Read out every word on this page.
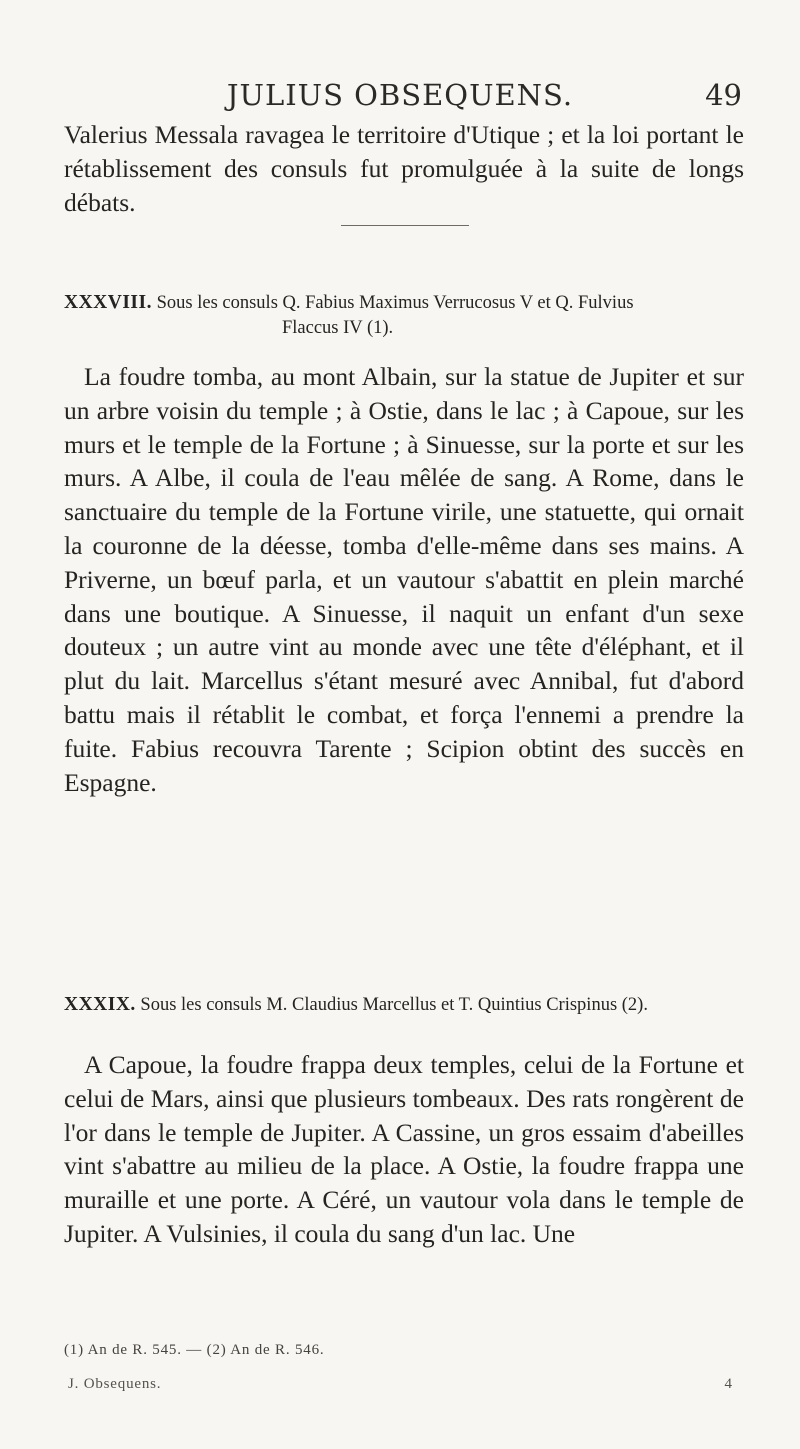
JULIUS OBSEQUENS.	49

Valerius Messala ravagea le territoire d'Utique ; et la loi portant le rétablissement des consuls fut promulguée à la suite de longs débats.

XXXVIII. Sous les consuls Q. Fabius Maximus Verrucosus V et Q. Fulvius
Flaccus IV (1).

La foudre tomba, au mont Albain, sur la statue de Jupiter et sur un arbre voisin du temple ; à Ostie, dans le lac ; à Capoue, sur les murs et le temple de la Fortune ; à Sinuesse, sur la porte et sur les murs. A Albe, il coula de l'eau mêlée de sang. A Rome, dans le sanctuaire du temple de la Fortune virile, une statuette, qui ornait la couronne de la déesse, tomba d'elle-même dans ses mains. A Priverne, un bœuf parla, et un vautour s'abattit en plein marché dans une boutique. A Sinuesse, il naquit un enfant d'un sexe douteux ; un autre vint au monde avec une tête d'éléphant, et il plut du lait. Marcellus s'étant mesuré avec Annibal, fut d'abord battu mais il rétablit le combat, et força l'ennemi a prendre la fuite. Fabius recouvra Tarente ; Scipion obtint des succès en Espagne.

XXXIX. Sous les consuls M. Claudius Marcellus et T. Quintius Crispinus (2).

A Capoue, la foudre frappa deux temples, celui de la Fortune et celui de Mars, ainsi que plusieurs tombeaux. Des rats rongèrent de l'or dans le temple de Jupiter. A Cassine, un gros essaim d'abeilles vint s'abattre au milieu de la place. A Ostie, la foudre frappa une muraille et une porte. A Céré, un vautour vola dans le temple de Jupiter. A Vulsinies, il coula du sang d'un lac. Une

(1) An de R. 545. — (2) An de R. 546.
J. Obsequens.	4
